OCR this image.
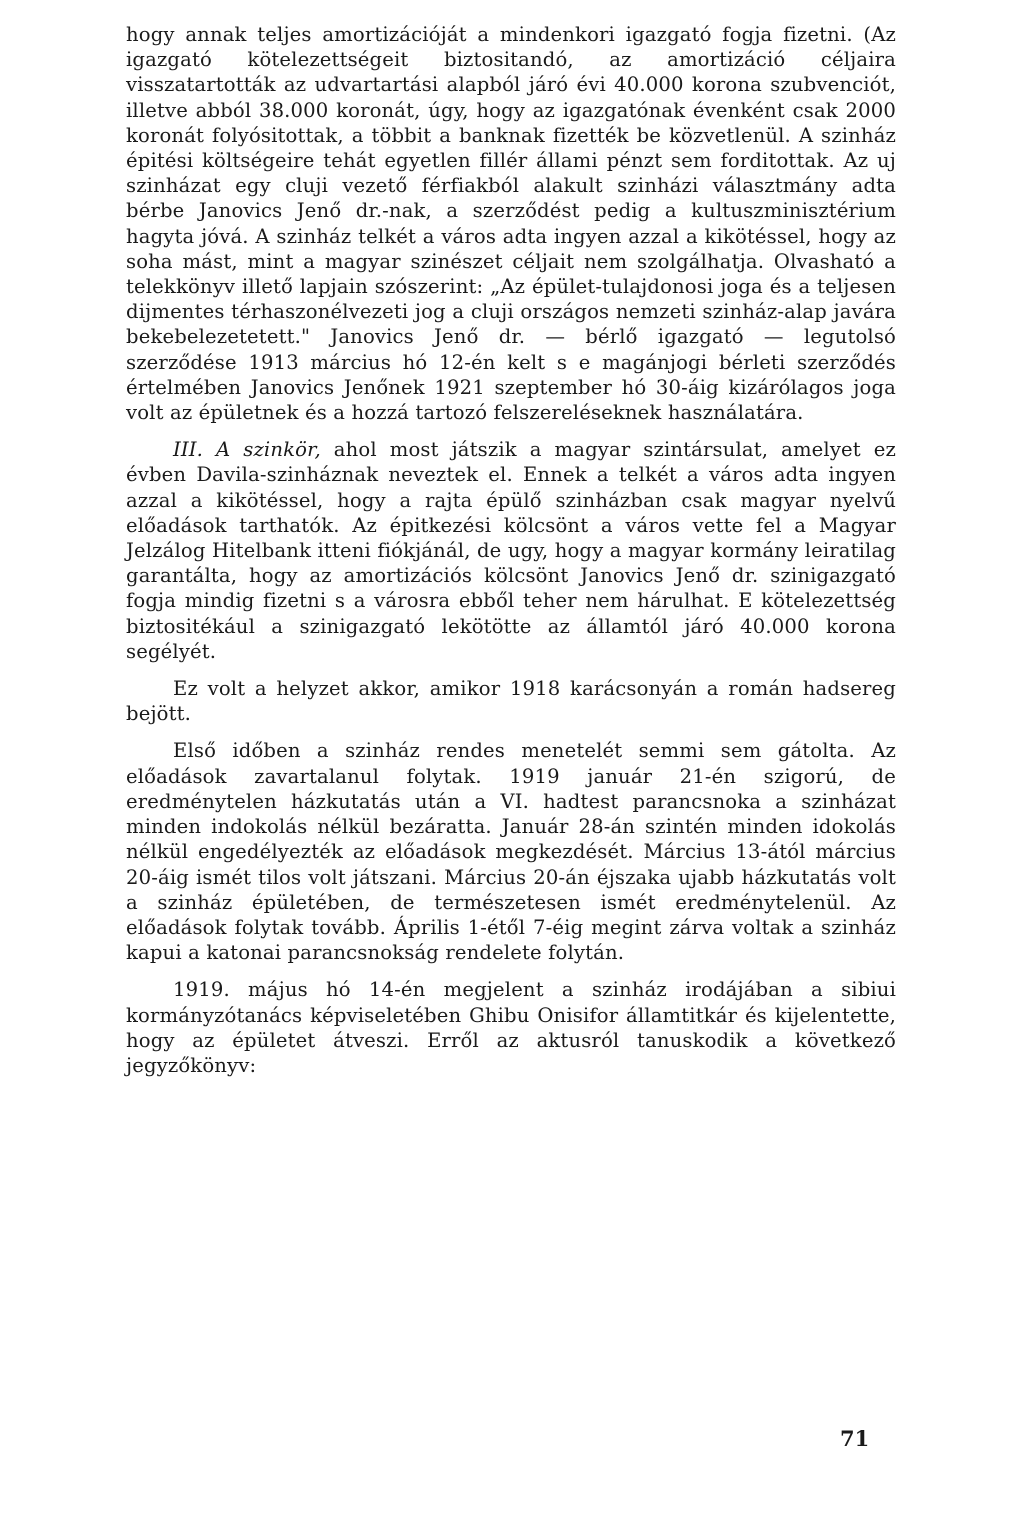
hogy annak teljes amortizációját a mindenkori igazgató fogja fizetni. (Az igazgató kötelezettségeit biztositandó, az amortizáció céljaira visszatartották az udvartartási alapból járó évi 40.000 korona szubvenciót, illetve abból 38.000 koronát, úgy, hogy az igazgatónak évenként csak 2000 koronát folyósitottak, a többit a banknak fizették be közvetlenül. A szinház épitési költségeire tehát egyetlen fillér állami pénzt sem forditottak. Az uj szinházat egy cluji vezető férfiakból alakult szinházi választmány adta bérbe Janovics Jenő dr.-nak, a szerződést pedig a kultuszminisztérium hagyta jóvá. A szinház telkét a város adta ingyen azzal a kikötéssel, hogy az soha mást, mint a magyar szinészet céljait nem szolgálhatja. Olvasható a telekkönyv illető lapjain szószerint: „Az épület-tulajdonosi joga és a teljesen dijmentes térhaszonélvezeti jog a cluji országos nemzeti szinház-alap javára bekebelezetetett." Janovics Jenő dr. — bérlő igazgató — legutolsó szerződése 1913 március hó 12-én kelt s e magánjogi bérleti szerződés értelmében Janovics Jenőnek 1921 szeptember hó 30-áig kizárólagos joga volt az épületnek és a hozzá tartozó felszereléseknek használatára.

III. A szinkör, ahol most játszik a magyar szintársulat, amelyet ez évben Davila-szinháznak neveztek el. Ennek a telkét a város adta ingyen azzal a kikötéssel, hogy a rajta épülő szinházban csak magyar nyelvű előadások tarthatók. Az épitkezési kölcsönt a város vette fel a Magyar Jelzálog Hitelbank itteni fiókjánál, de ugy, hogy a magyar kormány leiratilag garantálta, hogy az amortizációs kölcsönt Janovics Jenő dr. szinigazgató fogja mindig fizetni s a városra ebből teher nem hárulhat. E kötelezettség biztositékául a szinigazgató lekötötte az államtól járó 40.000 korona segélyét.

Ez volt a helyzet akkor, amikor 1918 karácsonyán a román hadsereg bejött.

Első időben a szinház rendes menetelét semmi sem gátolta. Az előadások zavartalanul folytak. 1919 január 21-én szigorú, de eredménytelen házkutatás után a VI. hadtest parancsnoka a szinházat minden indokolás nélkül bezáratta. Január 28-án szintén minden idokolás nélkül engedélyezték az előadások megkezdését. Március 13-ától március 20-áig ismét tilos volt játszani. Március 20-án éjszaka ujabb házkutatás volt a szinház épületében, de természetesen ismét eredménytelenül. Az előadások folytak tovább. Április 1-étől 7-éig megint zárva voltak a szinház kapui a katonai parancsnokság rendelete folytán.

1919. május hó 14-én megjelent a szinház irodájában a sibiui kormányzótanács képviseletében Ghibu Onisifor államtitkár és kijelentette, hogy az épületet átveszi. Erről az aktusról tanuskodik a következő jegyzőkönyv:

71
